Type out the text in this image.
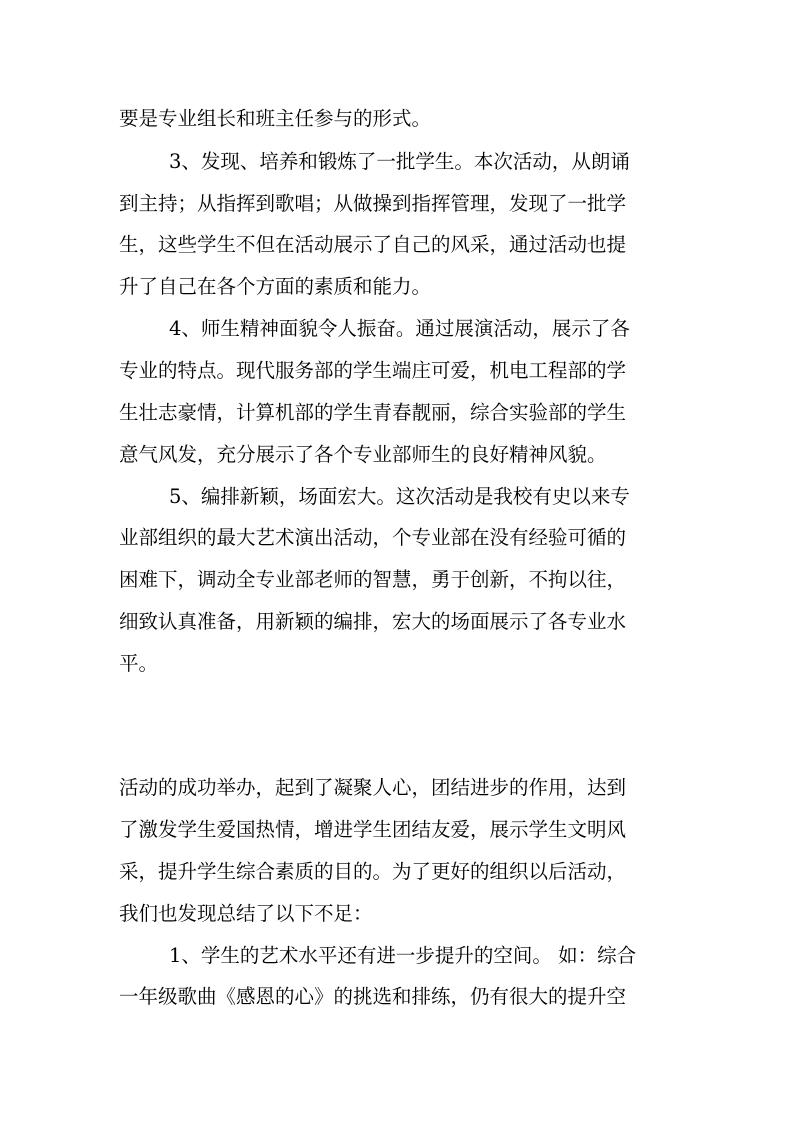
要是专业组长和班主任参与的形式。
3、发现、培养和锻炼了一批学生。本次活动，从朗诵
到主持；从指挥到歌唱；从做操到指挥管理，发现了一批学
生，这些学生不但在活动展示了自己的风采，通过活动也提
升了自己在各个方面的素质和能力。
4、师生精神面貌令人振奋。通过展演活动，展示了各
专业的特点。现代服务部的学生端庄可爱，机电工程部的学
生壮志豪情，计算机部的学生青春靓丽，综合实验部的学生
意气风发，充分展示了各个专业部师生的良好精神风貌。
5、编排新颖，场面宏大。这次活动是我校有史以来专
业部组织的最大艺术演出活动，个专业部在没有经验可循的
困难下，调动全专业部老师的智慧，勇于创新，不拘以往，
细致认真准备，用新颖的编排，宏大的场面展示了各专业水
平。
活动的成功举办，起到了凝聚人心，团结进步的作用，达到
了激发学生爱国热情，增进学生团结友爱，展示学生文明风
采，提升学生综合素质的目的。为了更好的组织以后活动，
我们也发现总结了以下不足：
1、学生的艺术水平还有进一步提升的空间。 如：综合
一年级歌曲《感恩的心》的挑选和排练，仍有很大的提升空
